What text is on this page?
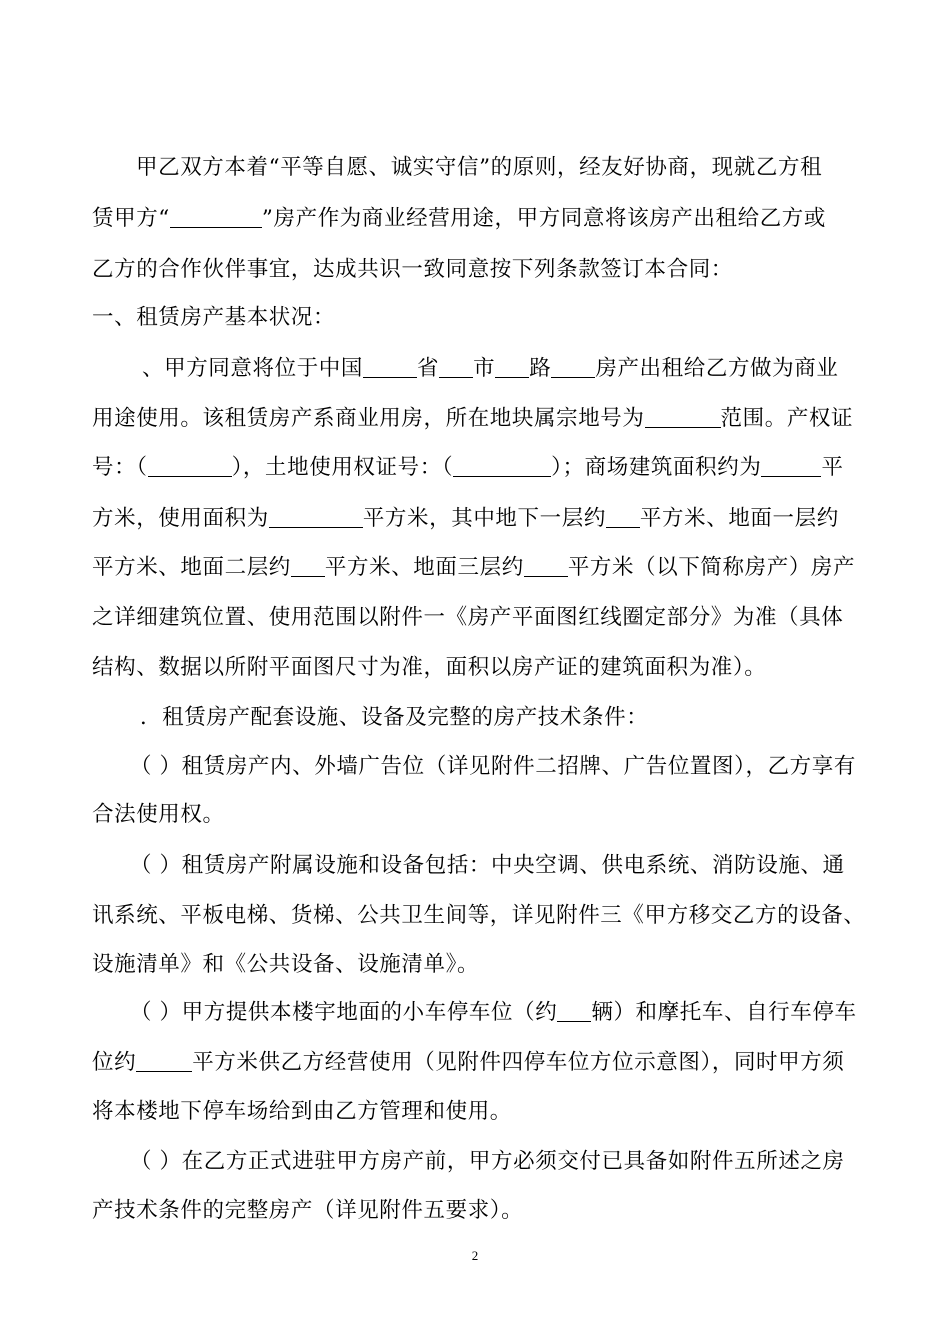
甲乙双方本着“平等自愿、诚实守信”的原则，经友好协商，现就乙方租
赁甲方“	”房产作为商业经营用途，甲方同意将该房产出租给乙方或
乙方的合作伙伴事宜，达成共识一致同意按下列条款签订本合同：
一、租赁房产基本状况：
、甲方同意将位于中国	省 市 路 房产出租给乙方做为商业
用途使用。该租赁房产系商业用房，所在地块属宗地号为	范围。产权证
号：（	），土地使用权证号：（	）；商场建筑面积约为	平
方米，使用面积为	平方米，其中地下一层约 平方米、地面一层约
平方米、地面二层约 平方米、地面三层约 平方米（以下简称房产）房产
之详细建筑位置、使用范围以附件一《房产平面图红线圈定部分》为准（具体
结构、数据以所附平面图尺寸为准，面积以房产证的建筑面积为准）。
．租赁房产配套设施、设备及完整的房产技术条件：
（ ）租赁房产内、外墙广告位（详见附件二招牌、广告位置图），乙方享有
合法使用权。
（ ）租赁房产附属设施和设备包括：中央空调、供电系统、消防设施、通
讯系统、平板电梯、货梯、公共卫生间等，详见附件三《甲方移交乙方的设备、
设施清单》和《公共设备、设施清单》。
（ ）甲方提供本楼宇地面的小车停车位（约 辆）和摩托车、自行车停车
位约	平方米供乙方经营使用（见附件四停车位方位示意图），同时甲方须
将本楼地下停车场给到由乙方管理和使用。
（ ）在乙方正式进驻甲方房产前，甲方必须交付已具备如附件五所述之房
产技术条件的完整房产（详见附件五要求）。
2
